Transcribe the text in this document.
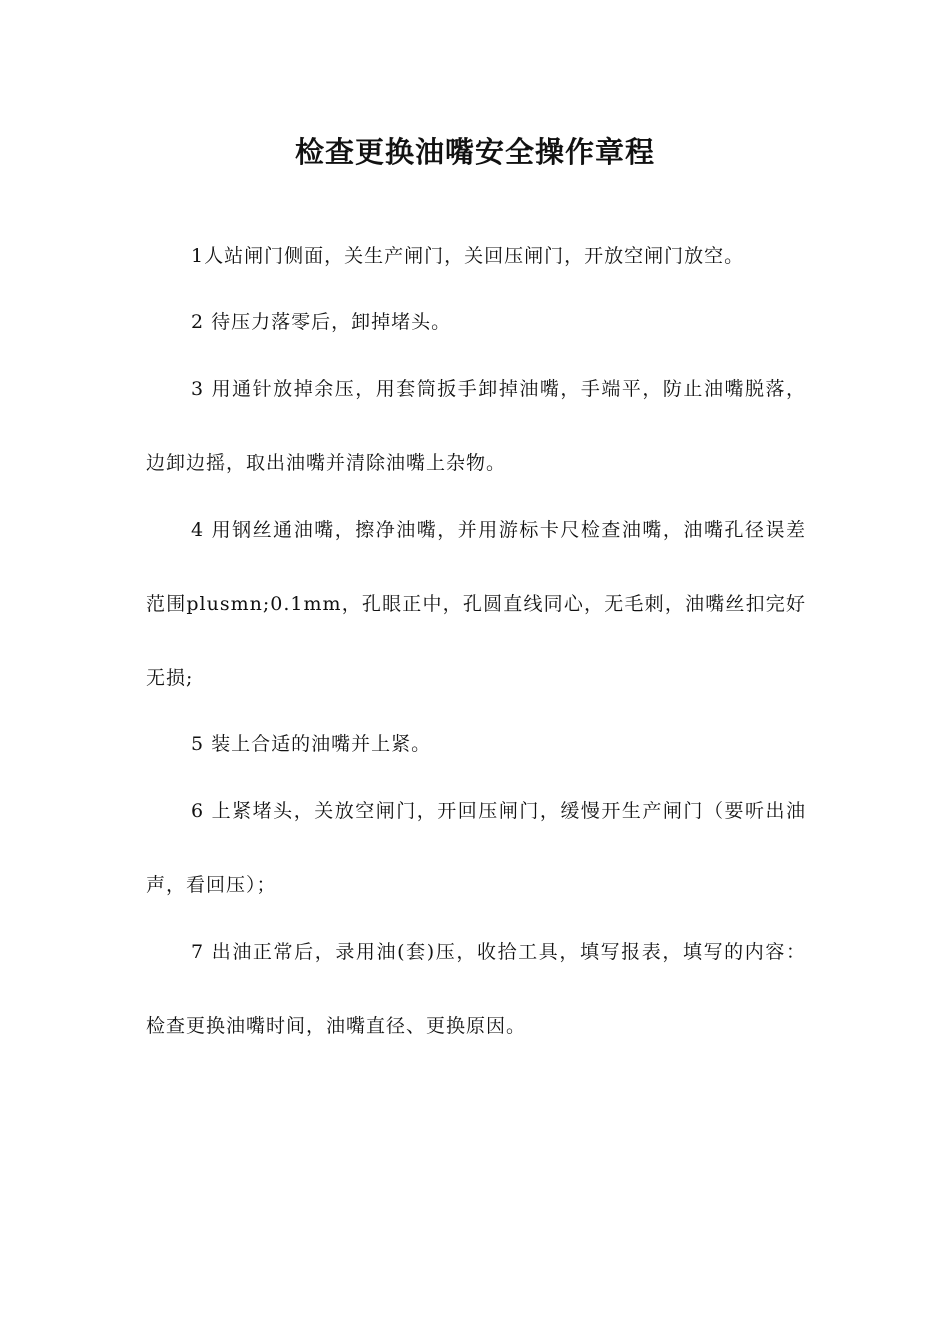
检查更换油嘴安全操作章程

1人站闸门侧面，关生产闸门，关回压闸门，开放空闸门放空。

2 待压力落零后，卸掉堵头。

3 用通针放掉余压，用套筒扳手卸掉油嘴，手端平，防止油嘴脱落，边卸边摇，取出油嘴并清除油嘴上杂物。

4 用钢丝通油嘴，擦净油嘴，并用游标卡尺检查油嘴，油嘴孔径误差范围plusmn;0.1mm，孔眼正中，孔圆直线同心，无毛刺，油嘴丝扣完好无损;

5 装上合适的油嘴并上紧。

6 上紧堵头，关放空闸门，开回压闸门，缓慢开生产闸门（要听出油声，看回压）；

7 出油正常后，录用油(套)压，收拾工具，填写报表，填写的内容：检查更换油嘴时间，油嘴直径、更换原因。
